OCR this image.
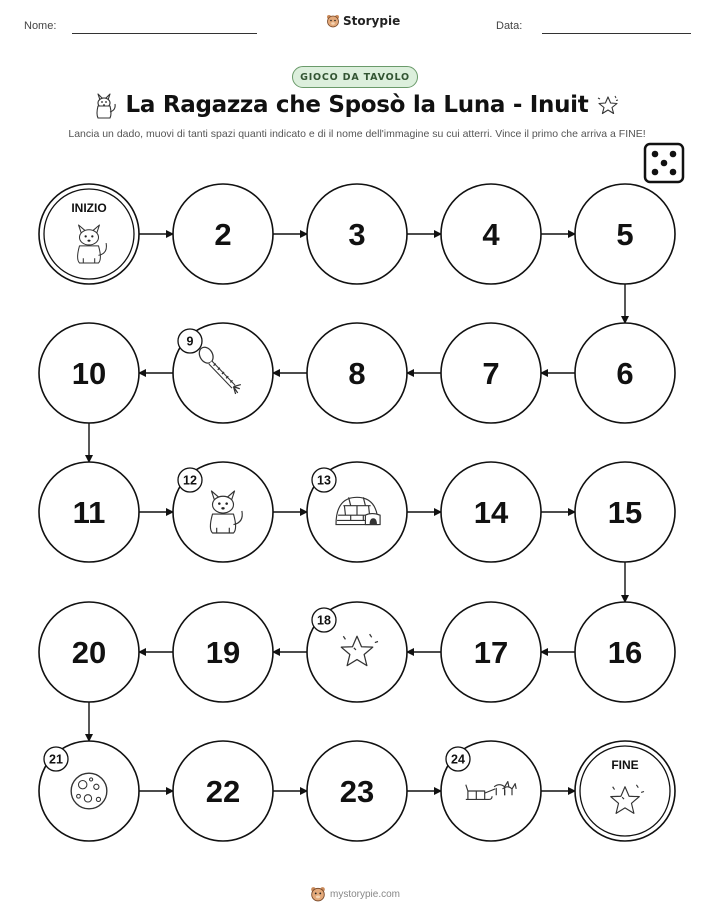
Nome:	Storypie	Data:
GIOCO DA TAVOLO
La Ragazza che Sposò la Luna - Inuit
Lancia un dado, muovi di tanti spazi quanti indicato e di il nome dell'immagine su cui atterri. Vince il primo che arriva a FINE!
INIZIO
2	3	4	5
6
7
8
9
10
11
12	13
14	15
16
17
18
19
20
21
22	23
24	FINE
mystorypie.com
